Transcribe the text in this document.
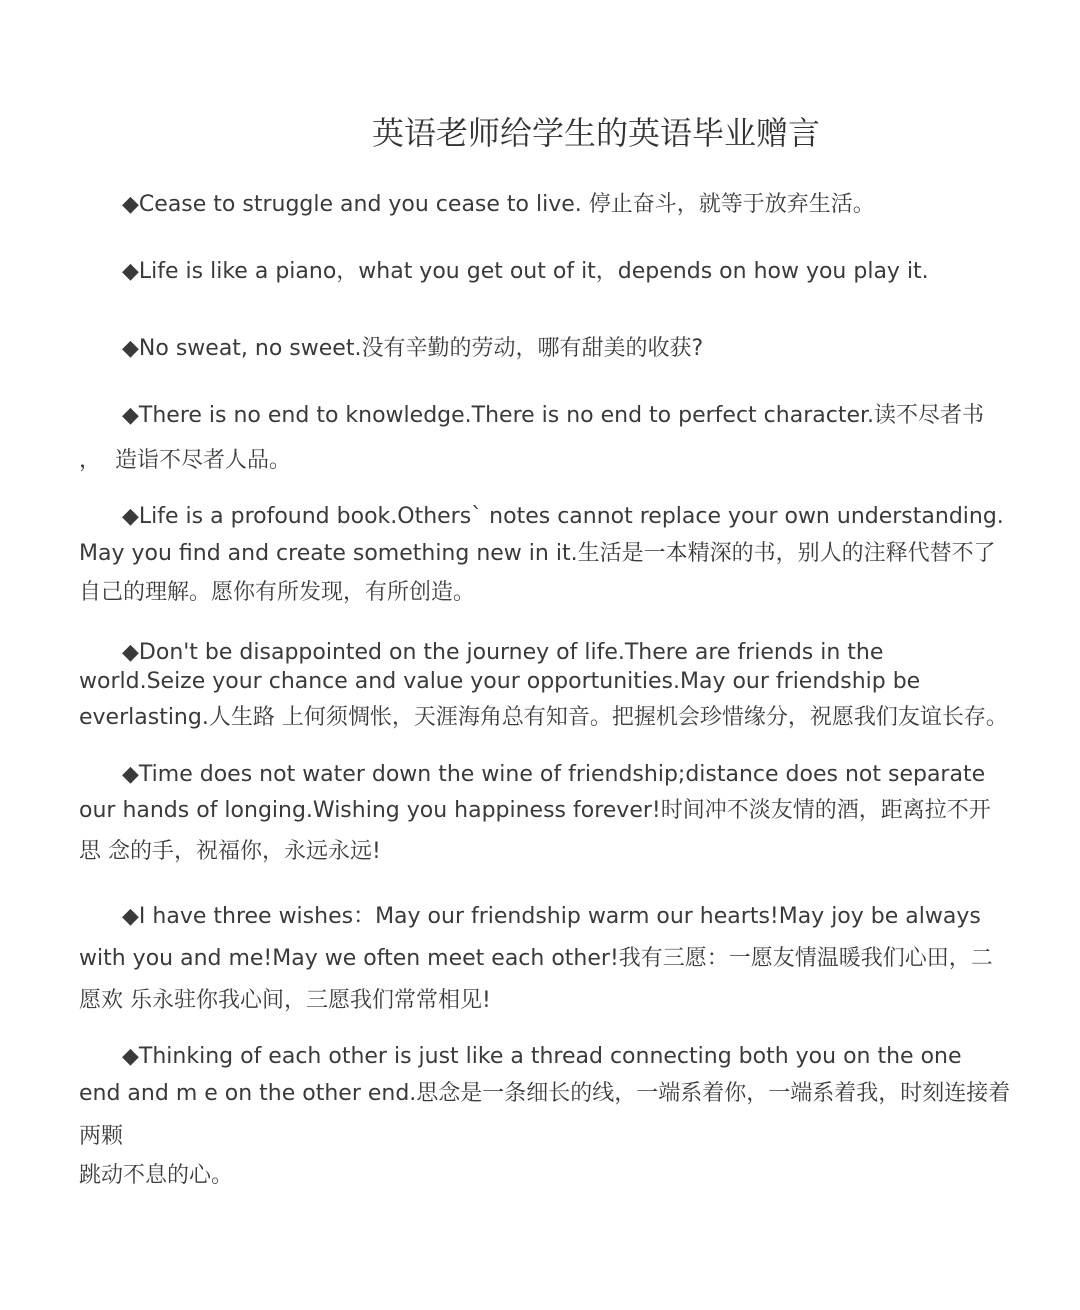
英语老师给学生的英语毕业赠言
◆Cease to struggle and you cease to live. 停止奋斗，就等于放弃生活。
◆Life is like a piano，what you get out of it，depends on how you play it.
◆No sweat, no sweet.没有辛勤的劳动，哪有甜美的收获?
◆There is no end to knowledge.There is no end to perfect character.读不尽者书
，  造诣不尽者人品。
◆Life is a profound book.Others` notes cannot replace your own understanding.
May you find and create something new in it.生活是一本精深的书，别人的注释代替不了
自己的理解。愿你有所发现，有所创造。
◆Don't be disappointed on the journey of life.There are friends in the
world.Seize your chance and value your opportunities.May our friendship be
everlasting.人生路 上何须惆怅，天涯海角总有知音。把握机会珍惜缘分，祝愿我们友谊长存。
◆Time does not water down the wine of friendship;distance does not separate
our hands of longing.Wishing you happiness forever!时间冲不淡友情的酒，距离拉不开
思 念的手，祝福你，永远永远!
◆I have three wishes：May our friendship warm our hearts!May joy be always
with you and me!May we often meet each other!我有三愿：一愿友情温暖我们心田，二
愿欢 乐永驻你我心间，三愿我们常常相见!
◆Thinking of each other is just like a thread connecting both you on the one
end and m e on the other end.思念是一条细长的线，一端系着你，一端系着我，时刻连接着
两颗
跳动不息的心。
